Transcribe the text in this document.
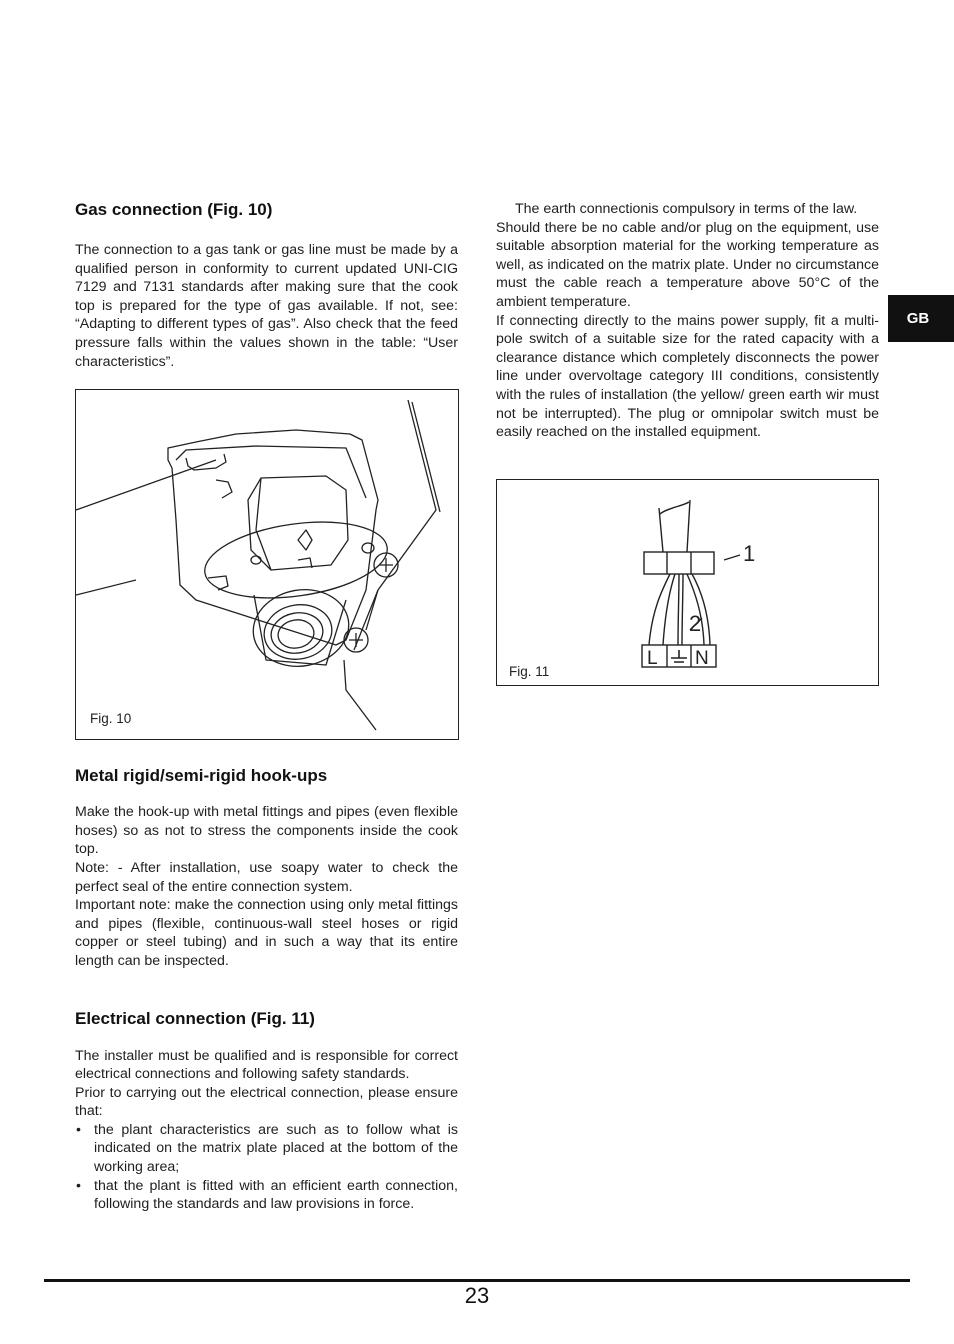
GB
Gas connection (Fig. 10)

The connection to a gas tank or gas line must be made by a qualified person in conformity to current updated UNI-CIG 7129 and 7131 standards after making sure that the cook top is prepared for the type of gas available. If not, see: “Adapting to different types of gas”. Also check that the feed pressure falls within the values shown in the table: “User characteristics”.

Fig. 10
Metal rigid/semi-rigid hook-ups

Make the hook-up with metal fittings and pipes (even flexible hoses) so as not to stress the components inside the cook top.

Note: - After installation, use soapy water to check the perfect seal of the entire connection system.

Important note: make the connection using only metal fittings and pipes (flexible, continuous-wall steel hoses or rigid copper or steel tubing) and in such a way that its entire length can be inspected.

Electrical connection (Fig. 11)

The installer must be qualified and is responsible for correct electrical connections and following safety standards.

Prior to carrying out the electrical connection, please ensure that:

• the plant characteristics are such as to follow what is indicated on the matrix plate placed at the bottom of the working area;
• that the plant is fitted with an efficient earth connection, following the standards and law provisions in force.

The earth connectionis compulsory in terms of the law.

Should there be no cable and/or plug on the equipment, use suitable absorption material for the working temperature as well, as indicated on the matrix plate. Under no circumstance must the cable reach a temperature above 50°C of the ambient temperature.

If connecting directly to the mains power supply, fit a multi-pole switch of a suitable size for the rated capacity with a clearance distance which completely disconnects the power line under overvoltage category III conditions, consistently with the rules of installation (the yellow/ green earth wir must not be interrupted). The plug or omnipolar switch must be easily reached on the installed equipment.

1
2
L N
Fig. 11
23
